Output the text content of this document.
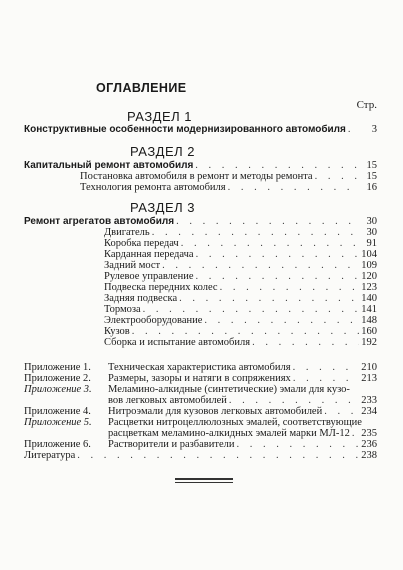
ОГЛАВЛЕНИЕ
Стр.
РАЗДЕЛ 1
Конструктивные особенности модернизированного автомобиля . . .	3
РАЗДЕЛ 2
Капитальный ремонт автомобиля . . .	15
Постановка автомобиля в ремонт и методы ремонта . . .	15
Технология ремонта автомобиля . . .	16
РАЗДЕЛ 3
Ремонт агрегатов автомобиля . . .	30
Двигатель . . .	30
Коробка передач . . .	91
Карданная передача . . .	104
Задний мост . . .	109
Рулевое управление . . .	120
Подвеска передних колес . . .	123
Задняя подвеска . . .	140
Тормоза . . .	141
Электрооборудование . . .	148
Кузов . . .	160
Сборка и испытание автомобиля . . .	192
Приложение 1.	Техническая характеристика автомобиля . . .	210
Приложение 2.	Размеры, зазоры и натяги в сопряжениях . . .	213
Приложение 3. Меламино-алкидные (синтетические) эмали для кузо-
вов легковых автомобилей . . .	233
Приложение 4.	Нитроэмали для кузовов легковых автомобилей . . .	234
Приложение 5. Расцветки нитроцеллюлозных эмалей, соответствующие
расцветкам меламино-алкидных эмалей марки МЛ-12 . . . 235
Приложение 6.	Растворители и разбавители . . .	236
Литература . . .	238
